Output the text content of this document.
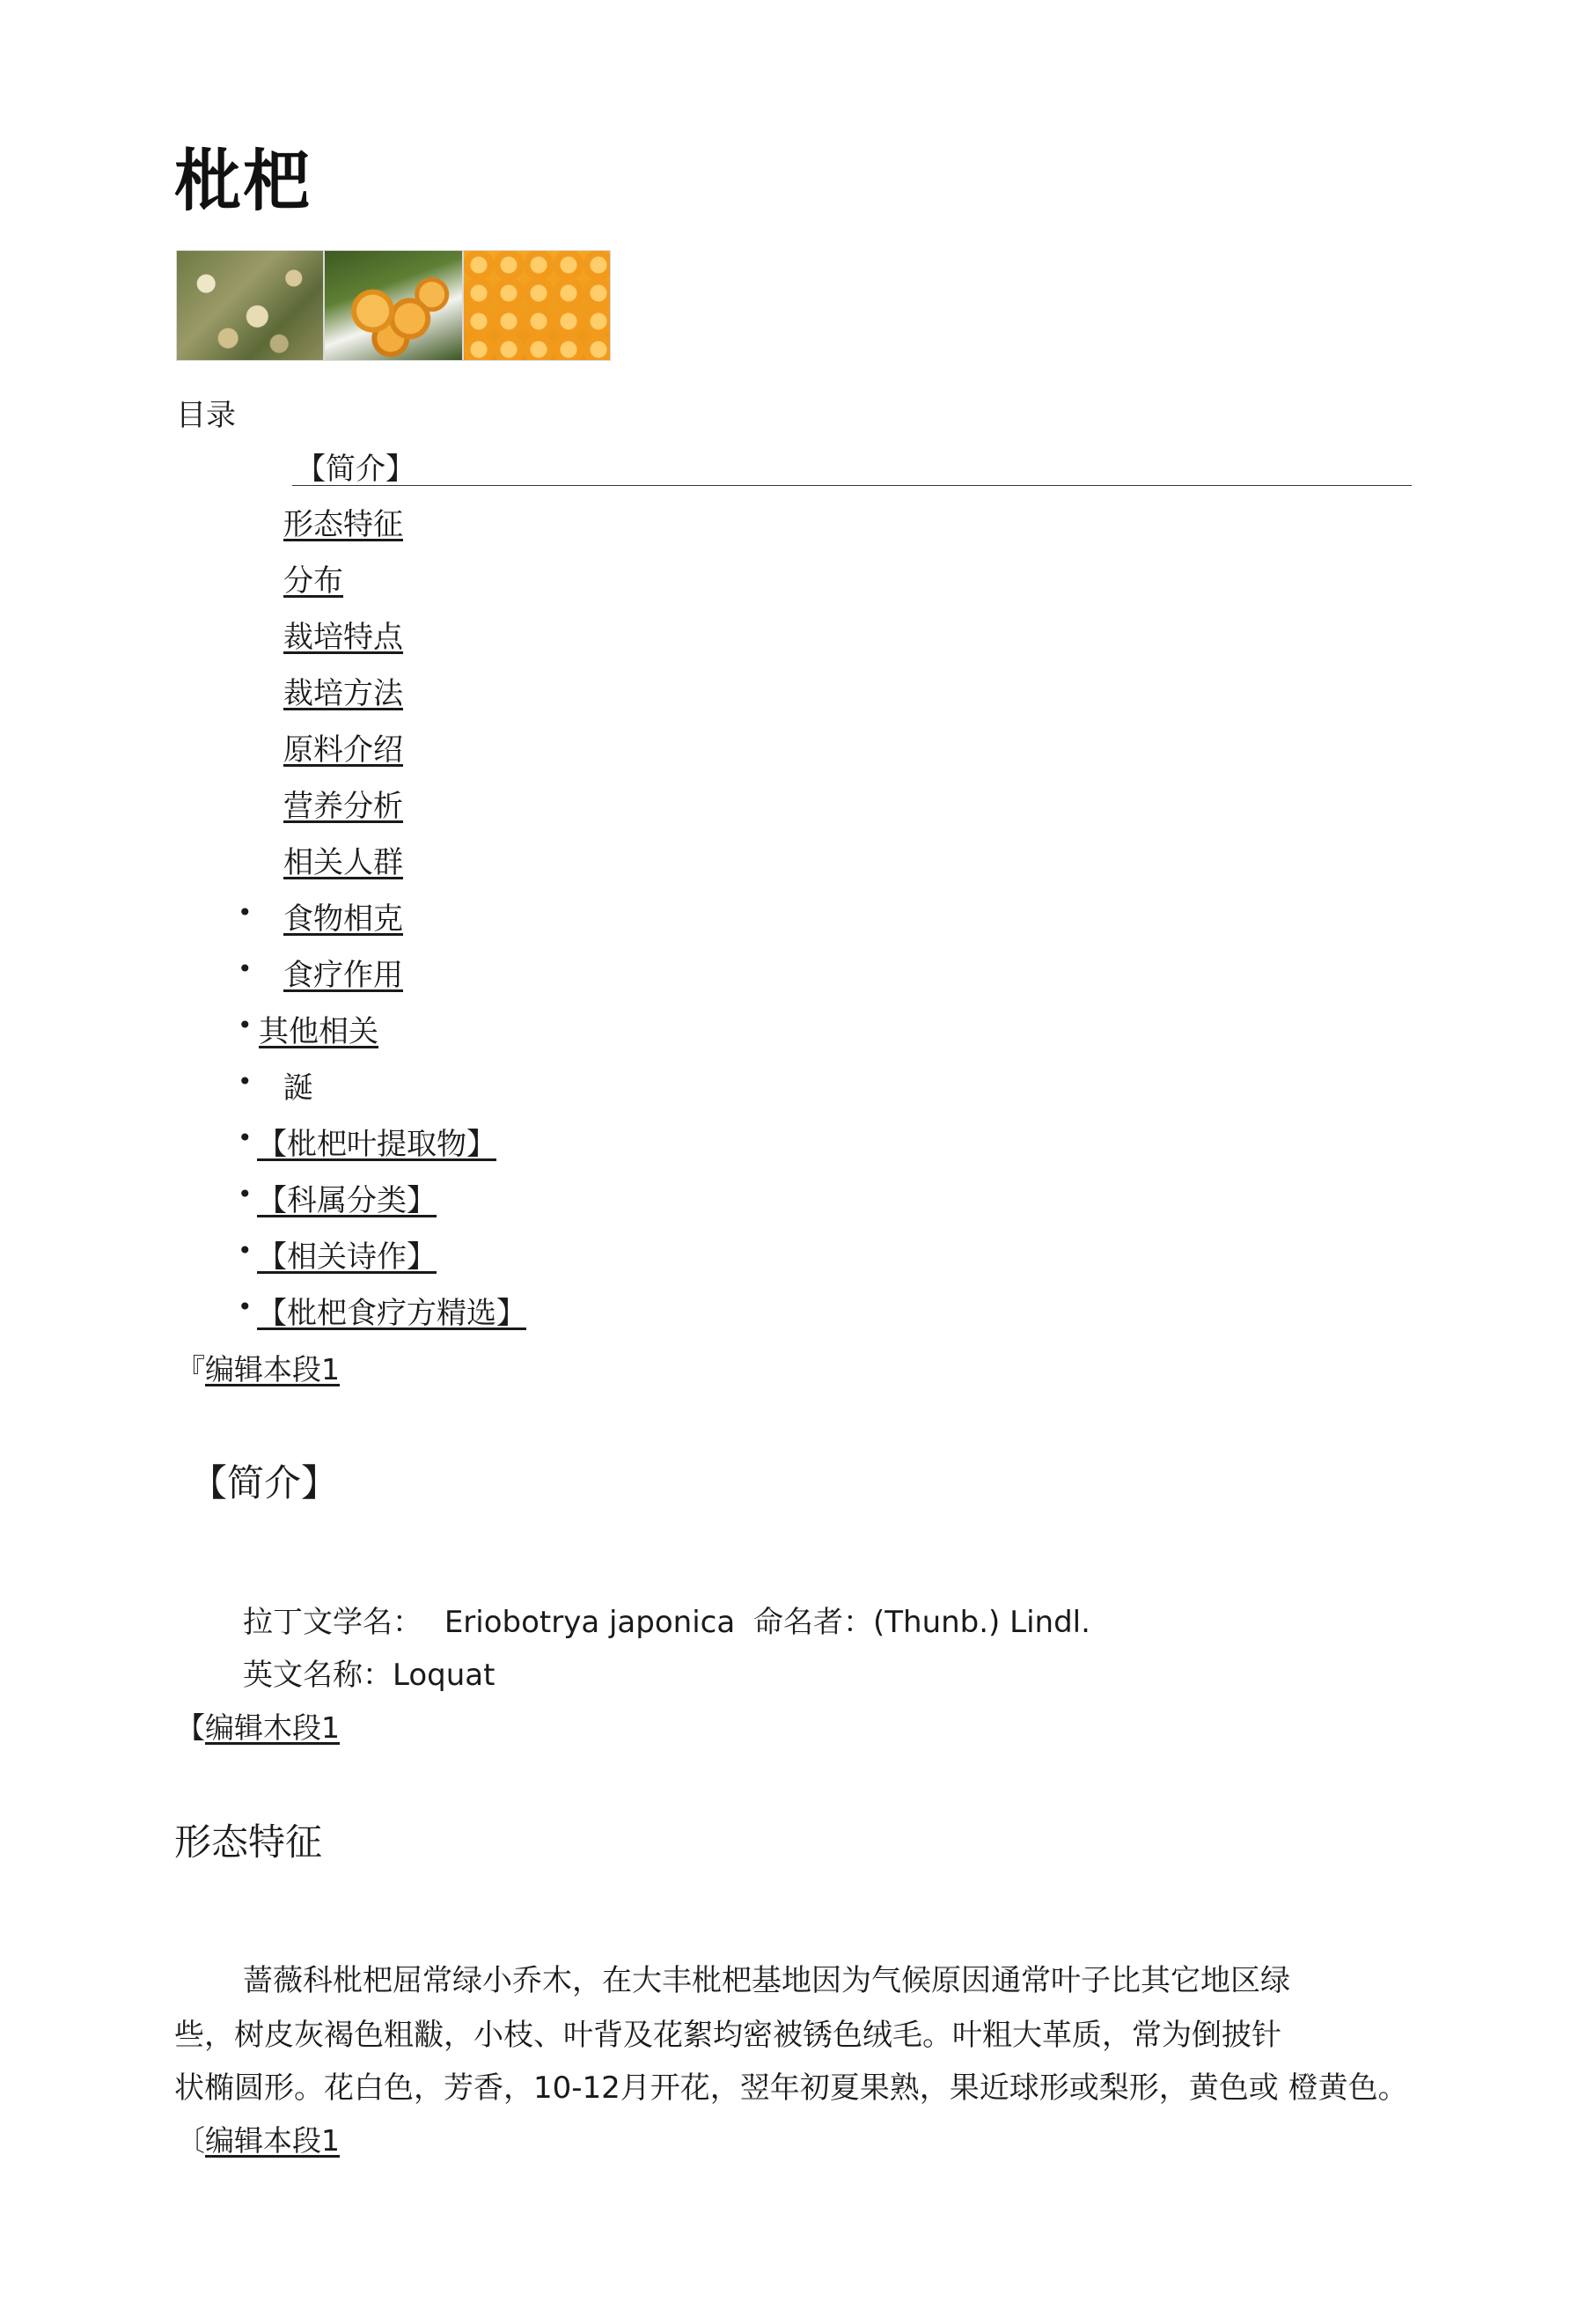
枇杷
目录
【简介】
形态特征
分布
裁培特点
裁培方法
原料介绍
营养分析
相关人群
• 食物相克
• 食疗作用
• 其他相关
• 誕
• 【枇杷叶提取物】
• 【科属分类】
• 【相关诗作】
• 【枇杷食疗方精选】
『编辑本段1
【简介】
拉丁文学名： Eriobotrya japonica 命名者：(Thunb.) Lindl.
英文名称：Loquat
【编辑木段1
形态特征
蔷薇科枇杷屈常绿小乔木，在大丰枇杷基地因为气候原因通常叶子比其它地区绿
些，树皮灰褐色粗黻，小枝、叶背及花絮均密被锈色绒毛。叶粗大革质，常为倒披针
状椭圆形。花白色，芳香，10-12月开花，翌年初夏果熟，果近球形或梨形，黄色或 橙黄色。
〔编辑本段1
